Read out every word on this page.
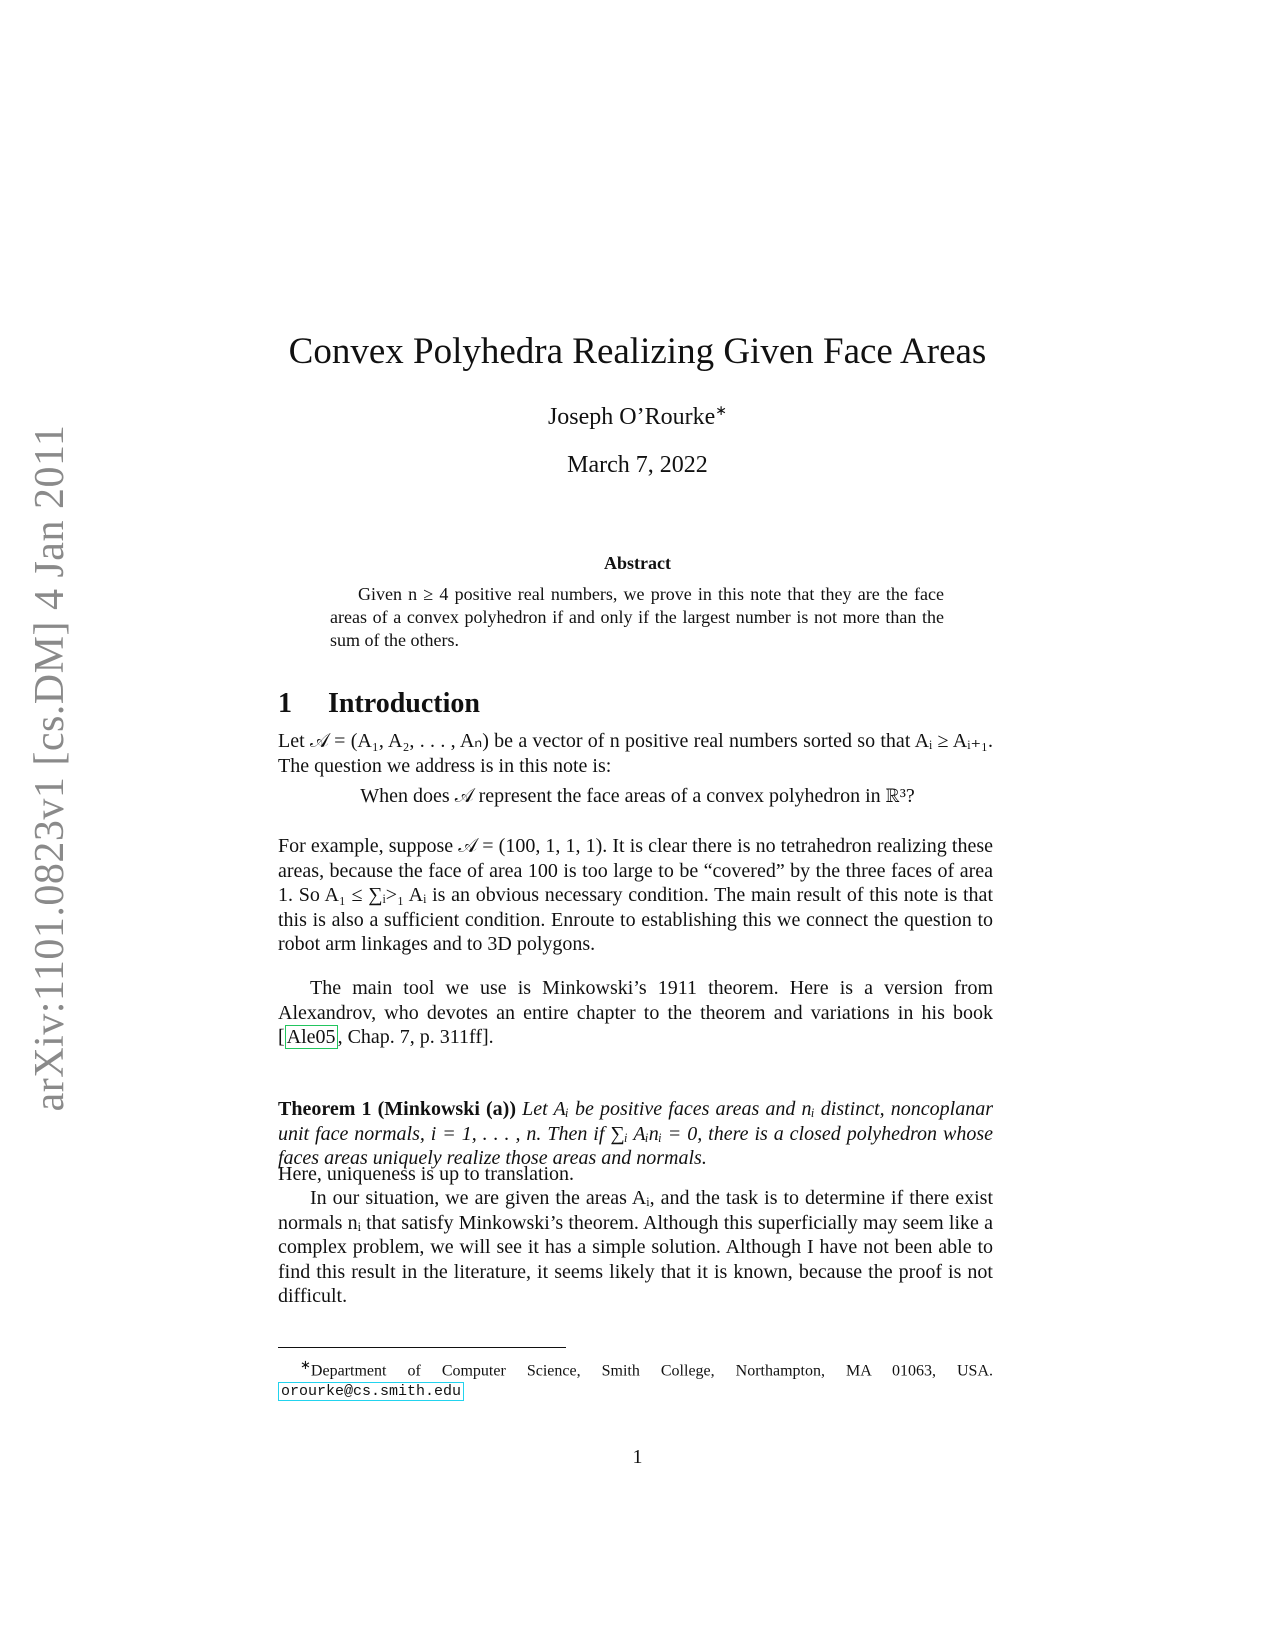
arXiv:1101.0823v1 [cs.DM] 4 Jan 2011
Convex Polyhedra Realizing Given Face Areas
Joseph O’Rourke∗
March 7, 2022
Abstract
Given n ≥ 4 positive real numbers, we prove in this note that they are the face areas of a convex polyhedron if and only if the largest number is not more than the sum of the others.
1 Introduction
Let 𝒜 = (A₁, A₂, . . . , Aₙ) be a vector of n positive real numbers sorted so that Aᵢ ≥ Aᵢ₊₁. The question we address is in this note is:
When does 𝒜 represent the face areas of a convex polyhedron in ℝ³?
For example, suppose 𝒜 = (100, 1, 1, 1). It is clear there is no tetrahedron realizing these areas, because the face of area 100 is too large to be “covered” by the three faces of area 1. So A₁ ≤ ∑ᵢ>₁ Aᵢ is an obvious necessary condition. The main result of this note is that this is also a sufficient condition. Enroute to establishing this we connect the question to robot arm linkages and to 3D polygons.
The main tool we use is Minkowski’s 1911 theorem. Here is a version from Alexandrov, who devotes an entire chapter to the theorem and variations in his book [ Ale05 , Chap. 7, p. 311ff].
Theorem 1 (Minkowski (a)) Let Aᵢ be positive faces areas and nᵢ distinct, noncoplanar unit face normals, i = 1, . . . , n. Then if ∑ᵢ Aᵢnᵢ = 0, there is a closed polyhedron whose faces areas uniquely realize those areas and normals.
Here, uniqueness is up to translation.
In our situation, we are given the areas Aᵢ, and the task is to determine if there exist normals nᵢ that satisfy Minkowski’s theorem. Although this superficially may seem like a complex problem, we will see it has a simple solution. Although I have not been able to find this result in the literature, it seems likely that it is known, because the proof is not difficult.
∗Department of Computer Science, Smith College, Northampton, MA 01063, USA. orourke@cs.smith.edu
1
